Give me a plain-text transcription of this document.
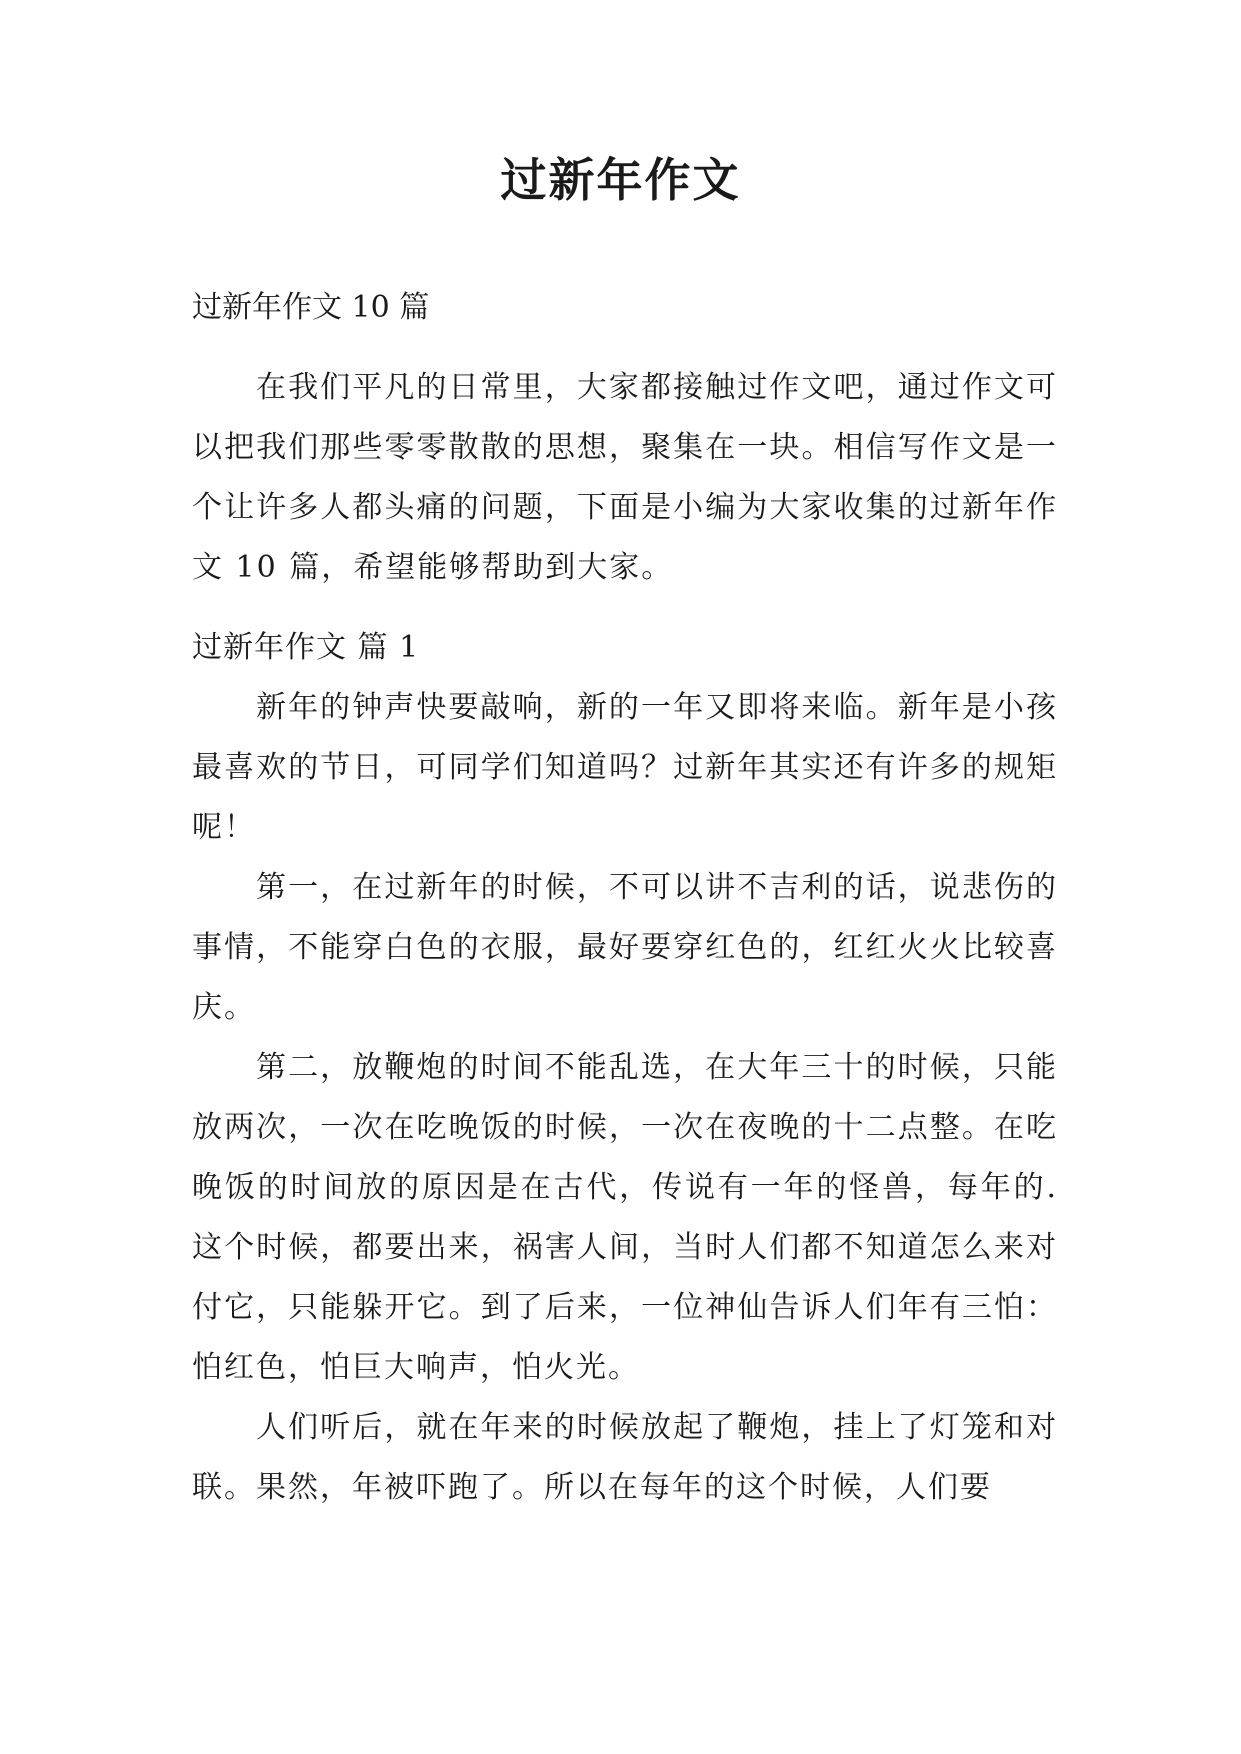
过新年作文
过新年作文 10 篇

在我们平凡的日常里，大家都接触过作文吧，通过作文可以把我们那些零零散散的思想，聚集在一块。相信写作文是一个让许多人都头痛的问题，下面是小编为大家收集的过新年作文 10 篇，希望能够帮助到大家。

过新年作文 篇 1

新年的钟声快要敲响，新的一年又即将来临。新年是小孩最喜欢的节日，可同学们知道吗？过新年其实还有许多的规矩呢！

第一，在过新年的时候，不可以讲不吉利的话，说悲伤的事情，不能穿白色的衣服，最好要穿红色的，红红火火比较喜庆。

第二，放鞭炮的时间不能乱选，在大年三十的时候，只能放两次，一次在吃晚饭的时候，一次在夜晚的十二点整。在吃晚饭的时间放的原因是在古代，传说有一年的怪兽，每年的.这个时候，都要出来，祸害人间，当时人们都不知道怎么来对付它，只能躲开它。到了后来，一位神仙告诉人们年有三怕：怕红色，怕巨大响声，怕火光。

人们听后，就在年来的时候放起了鞭炮，挂上了灯笼和对联。果然，年被吓跑了。所以在每年的这个时候，人们要
